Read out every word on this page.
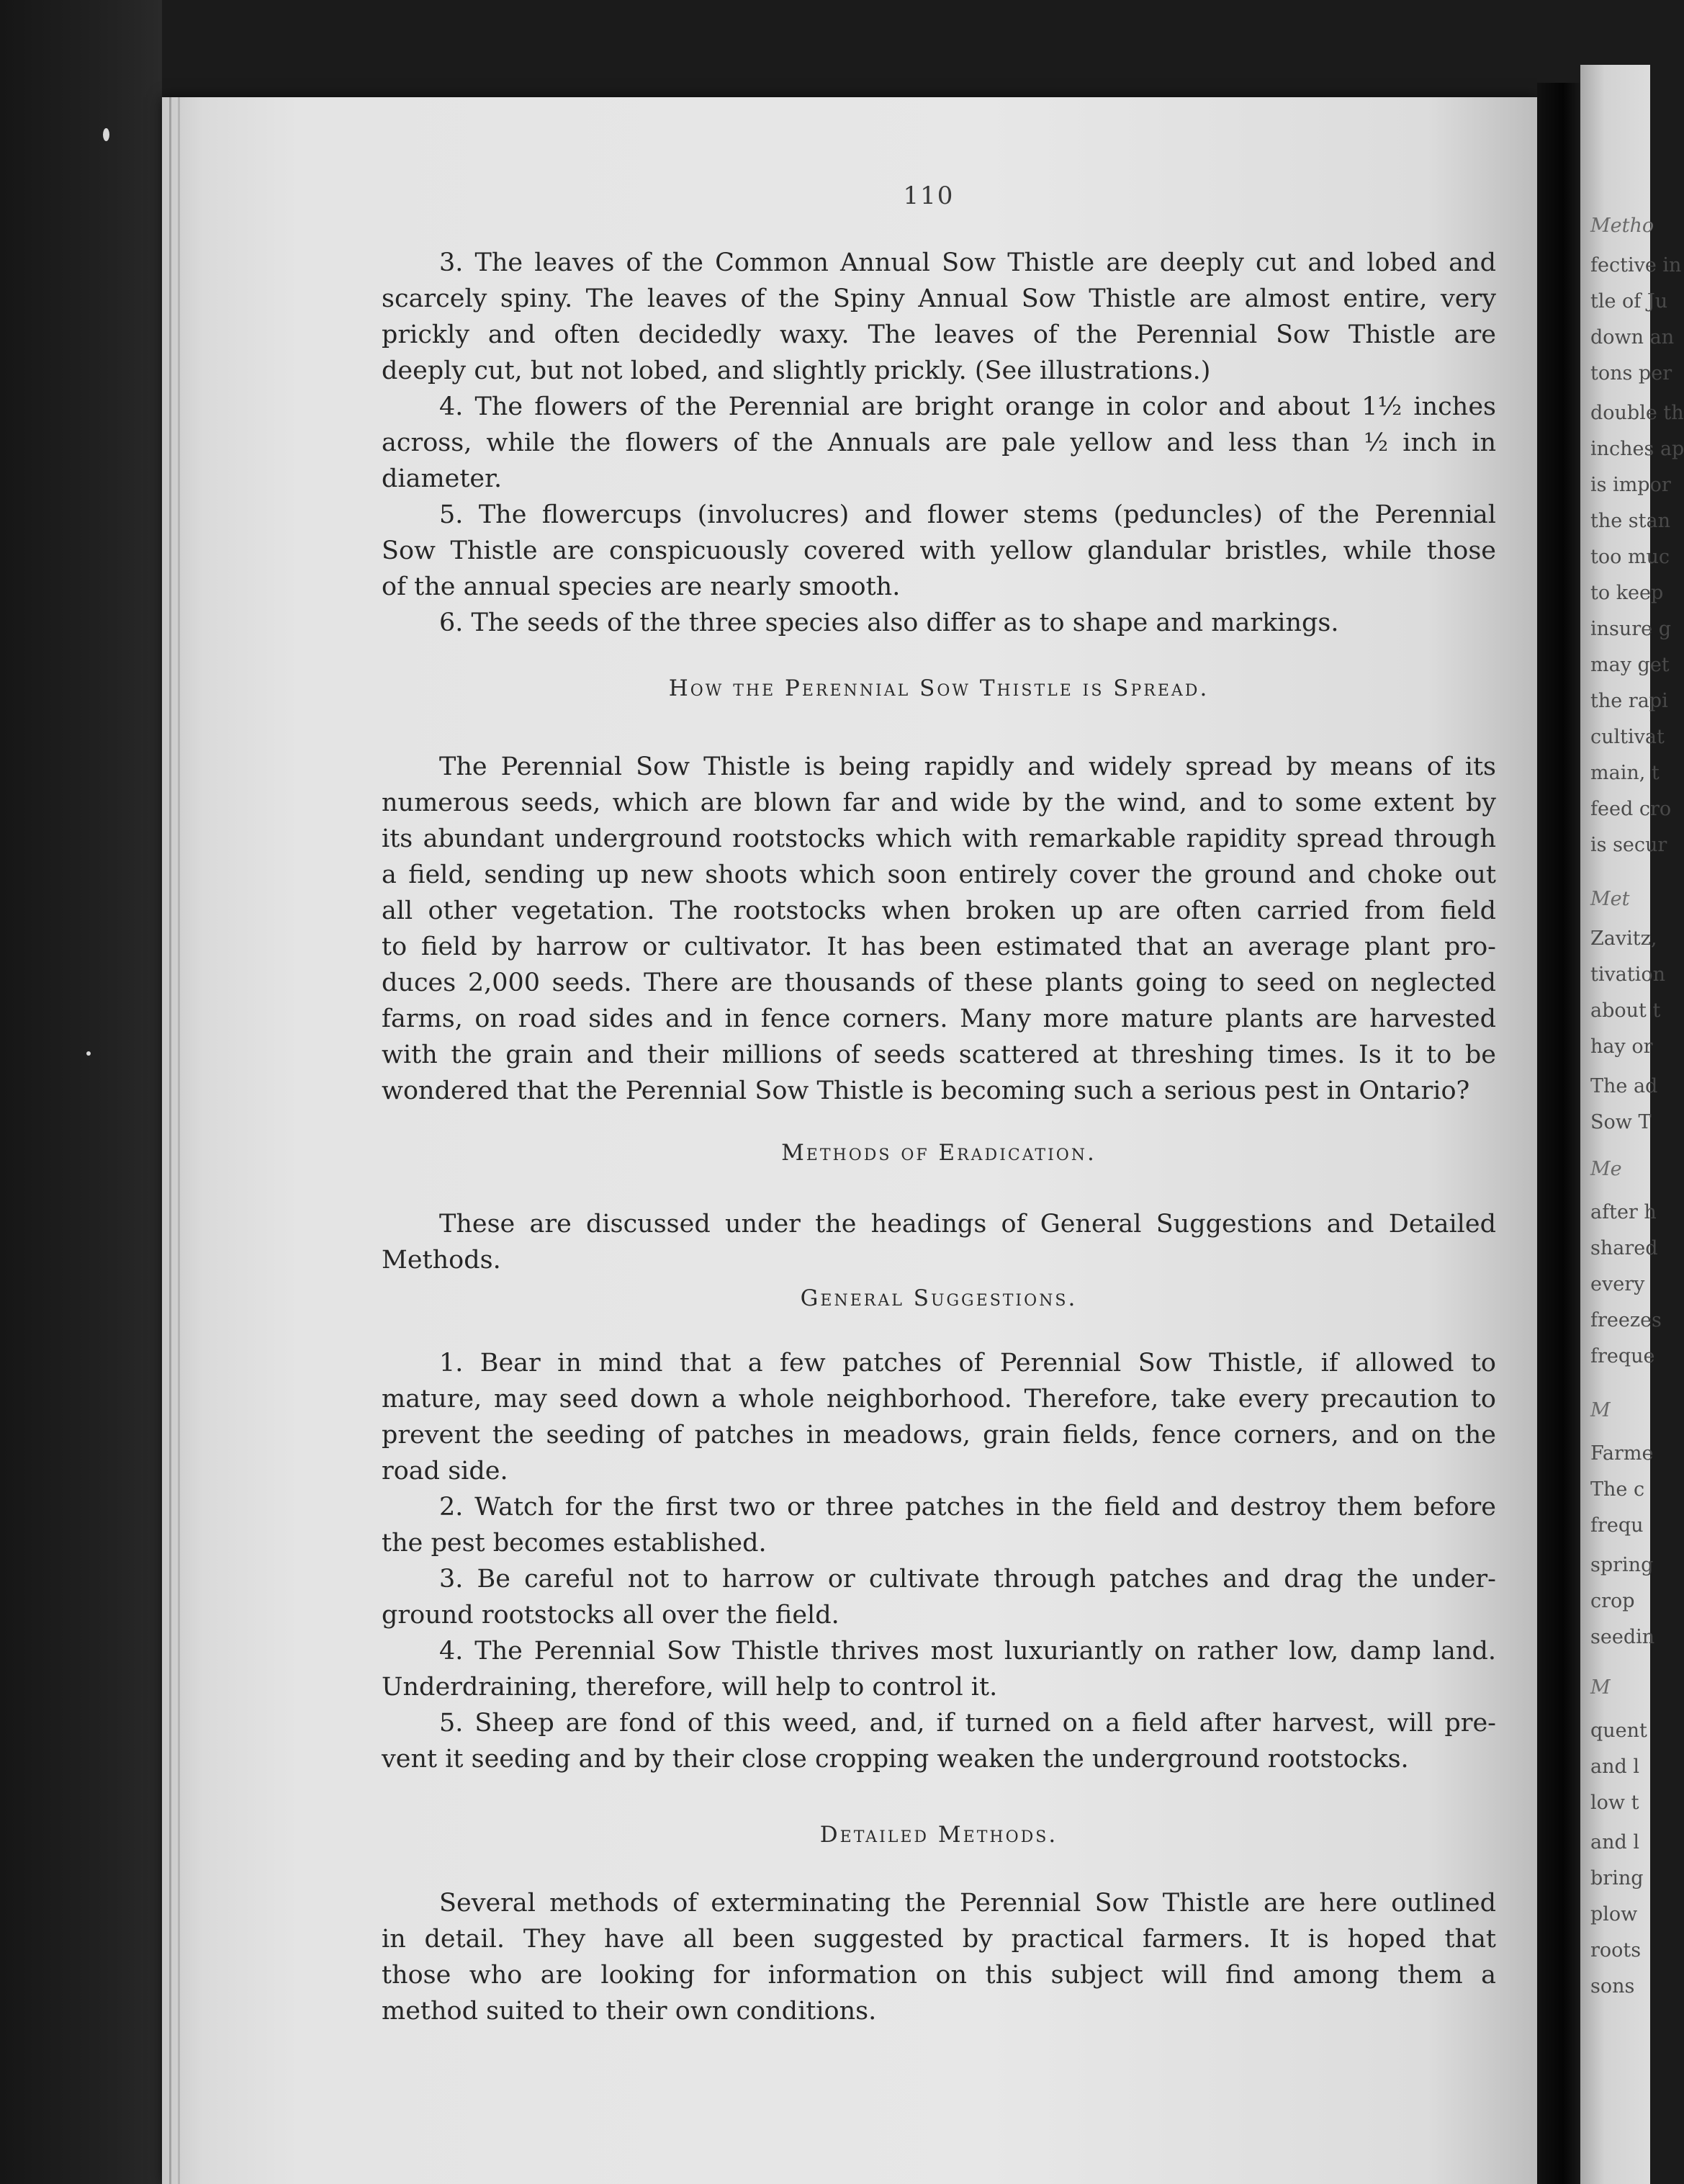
Metho
fective in
tle of Ju
down an
tons per
double th
inches ap
is impor
the stan
too muc
to keep
insure g
may get
the rapi
cultivat
main, t
feed cro
is secur
Met
Zavitz,
tivation
about t
hay or
The ad
Sow T
Me
after h
shared
every
freezes
freque
M
Farme
The c
frequ
spring
crop
seedin
M
quent
and l
low t
and l
bring
plow
roots
sons
110
3. The leaves of the Common Annual Sow Thistle are deeply cut and lobed and
scarcely spiny. The leaves of the Spiny Annual Sow Thistle are almost entire, very
prickly and often decidedly waxy. The leaves of the Perennial Sow Thistle are
deeply cut, but not lobed, and slightly prickly. (See illustrations.)
4. The flowers of the Perennial are bright orange in color and about 1½ inches
across, while the flowers of the Annuals are pale yellow and less than ½ inch in
diameter.
5. The flowercups (involucres) and flower stems (peduncles) of the Perennial
Sow Thistle are conspicuously covered with yellow glandular bristles, while those
of the annual species are nearly smooth.
6. The seeds of the three species also differ as to shape and markings.
How the Perennial Sow Thistle is Spread.
The Perennial Sow Thistle is being rapidly and widely spread by means of its
numerous seeds, which are blown far and wide by the wind, and to some extent by
its abundant underground rootstocks which with remarkable rapidity spread through
a field, sending up new shoots which soon entirely cover the ground and choke out
all other vegetation. The rootstocks when broken up are often carried from field
to field by harrow or cultivator. It has been estimated that an average plant pro-
duces 2,000 seeds. There are thousands of these plants going to seed on neglected
farms, on road sides and in fence corners. Many more mature plants are harvested
with the grain and their millions of seeds scattered at threshing times. Is it to be
wondered that the Perennial Sow Thistle is becoming such a serious pest in Ontario?
Methods of Eradication.
These are discussed under the headings of General Suggestions and Detailed
Methods.
General Suggestions.
1. Bear in mind that a few patches of Perennial Sow Thistle, if allowed to
mature, may seed down a whole neighborhood. Therefore, take every precaution to
prevent the seeding of patches in meadows, grain fields, fence corners, and on the
road side.
2. Watch for the first two or three patches in the field and destroy them before
the pest becomes established.
3. Be careful not to harrow or cultivate through patches and drag the under-
ground rootstocks all over the field.
4. The Perennial Sow Thistle thrives most luxuriantly on rather low, damp land.
Underdraining, therefore, will help to control it.
5. Sheep are fond of this weed, and, if turned on a field after harvest, will pre-
vent it seeding and by their close cropping weaken the underground rootstocks.
Detailed Methods.
Several methods of exterminating the Perennial Sow Thistle are here outlined
in detail. They have all been suggested by practical farmers. It is hoped that
those who are looking for information on this subject will find among them a
method suited to their own conditions.
